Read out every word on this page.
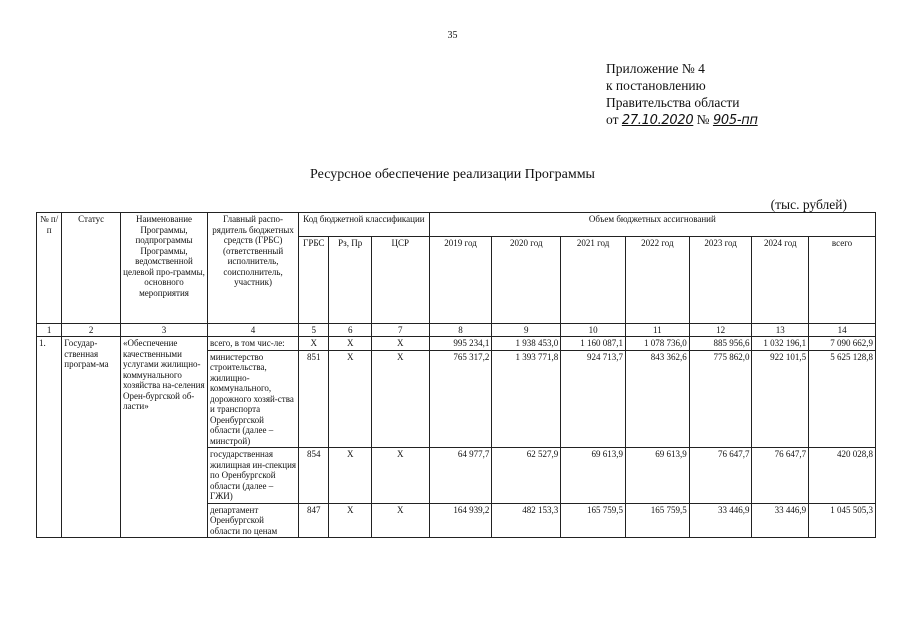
35
Приложение № 4
к постановлению
Правительства области
от 27.10.2020 № 905-пп
Ресурсное обеспечение реализации Программы
(тыс. рублей)
№ п/п	Статус	Наименование Программы, подпрограммы Программы, ведомственной целевой про-граммы, основного мероприятия	Главный распо-рядитель бюджетных средств (ГРБС) (ответственный исполнитель, соисполнитель, участник)	Код бюджетной классификации			Объем бюджетных ассигнований						
				ГРБС	Рз, Пр	ЦСР	2019 год	2020 год	2021 год	2022 год	2023 год	2024 год	всего
1	2	3	4	5	6	7	8	9	10	11	12	13	14
1.	Государ-ственная програм-ма	«Обеспечение качественными услугами жилищно-коммунального хозяйства на-селения Орен-бургской об-ласти»	всего, в том чис-ле:	Х	Х	Х	995 234,1	1 938 453,0	1 160 087,1	1 078 736,0	885 956,6	1 032 196,1	7 090 662,9
			министерство строительства, жилищно-коммунального, дорожного хозяй-ства и транспорта Оренбургской области (далее – минстрой)	851	Х	Х	765 317,2	1 393 771,8	924 713,7	843 362,6	775 862,0	922 101,5	5 625 128,8
			государственная жилищная ин-спекция по Оренбургской области (далее – ГЖИ)	854	Х	Х	64 977,7	62 527,9	69 613,9	69 613,9	76 647,7	76 647,7	420 028,8
			департамент Оренбургской области по ценам	847	Х	Х	164 939,2	482 153,3	165 759,5	165 759,5	33 446,9	33 446,9	1 045 505,3
